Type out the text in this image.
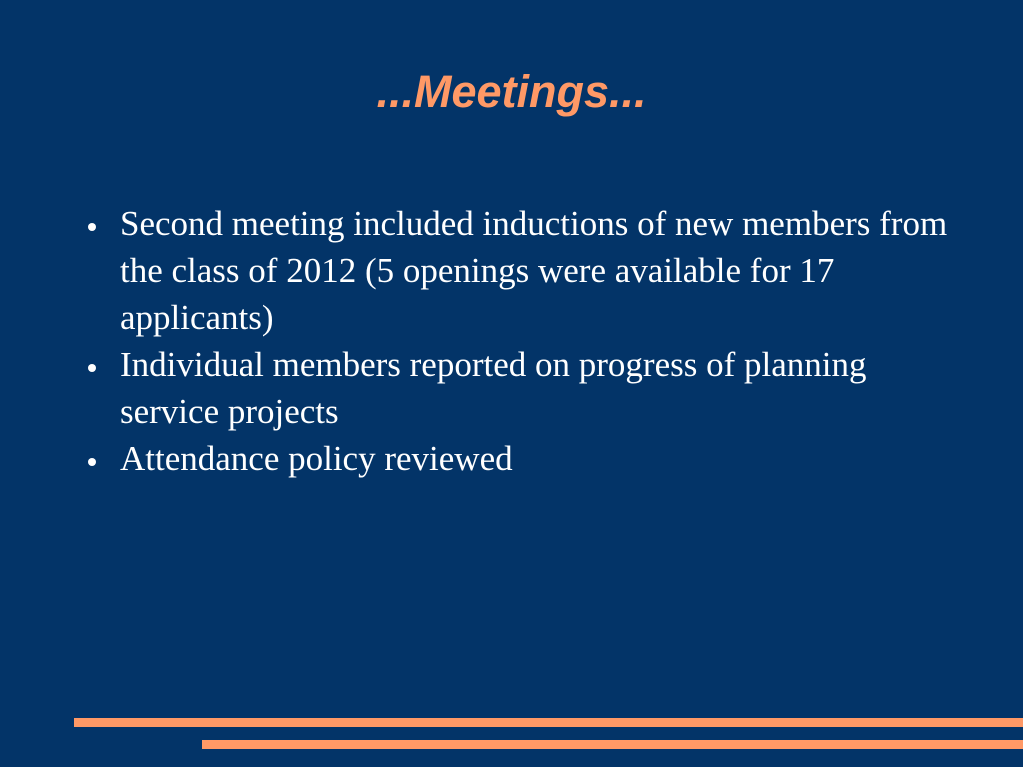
...Meetings...
Second meeting included inductions of new members from the class of 2012 (5 openings were available for 17 applicants)
Individual members reported on progress of planning service projects
Attendance policy reviewed
